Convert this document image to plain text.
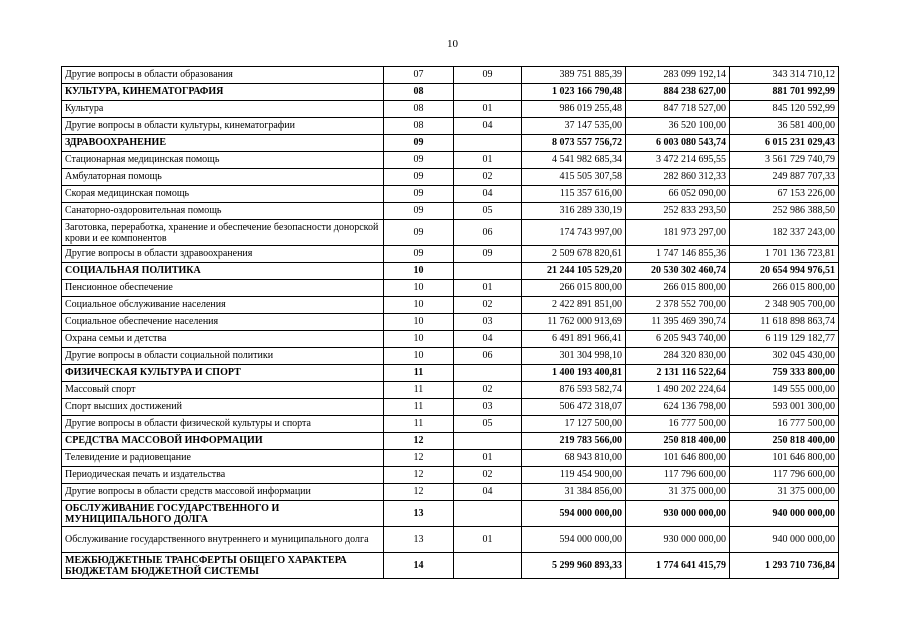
10
Другие вопросы в области образования	07	09	389 751 885,39	283 099 192,14	343 314 710,12
КУЛЬТУРА, КИНЕМАТОГРАФИЯ	08		1 023 166 790,48	884 238 627,00	881 701 992,99
Культура	08	01	986 019 255,48	847 718 527,00	845 120 592,99
Другие вопросы в области культуры, кинематографии	08	04	37 147 535,00	36 520 100,00	36 581 400,00
ЗДРАВООХРАНЕНИЕ	09		8 073 557 756,72	6 003 080 543,74	6 015 231 029,43
Стационарная медицинская помощь	09	01	4 541 982 685,34	3 472 214 695,55	3 561 729 740,79
Амбулаторная помощь	09	02	415 505 307,58	282 860 312,33	249 887 707,33
Скорая медицинская помощь	09	04	115 357 616,00	66 052 090,00	67 153 226,00
Санаторно-оздоровительная помощь	09	05	316 289 330,19	252 833 293,50	252 986 388,50
Заготовка, переработка, хранение и обеспечение безопасности донорской крови и ее компонентов	09	06	174 743 997,00	181 973 297,00	182 337 243,00
Другие вопросы в области здравоохранения	09	09	2 509 678 820,61	1 747 146 855,36	1 701 136 723,81
СОЦИАЛЬНАЯ ПОЛИТИКА	10		21 244 105 529,20	20 530 302 460,74	20 654 994 976,51
Пенсионное обеспечение	10	01	266 015 800,00	266 015 800,00	266 015 800,00
Социальное обслуживание населения	10	02	2 422 891 851,00	2 378 552 700,00	2 348 905 700,00
Социальное обеспечение населения	10	03	11 762 000 913,69	11 395 469 390,74	11 618 898 863,74
Охрана семьи и детства	10	04	6 491 891 966,41	6 205 943 740,00	6 119 129 182,77
Другие вопросы в области социальной политики	10	06	301 304 998,10	284 320 830,00	302 045 430,00
ФИЗИЧЕСКАЯ КУЛЬТУРА И СПОРТ	11		1 400 193 400,81	2 131 116 522,64	759 333 800,00
Массовый спорт	11	02	876 593 582,74	1 490 202 224,64	149 555 000,00
Спорт высших достижений	11	03	506 472 318,07	624 136 798,00	593 001 300,00
Другие вопросы в области физической культуры и спорта	11	05	17 127 500,00	16 777 500,00	16 777 500,00
СРЕДСТВА МАССОВОЙ ИНФОРМАЦИИ	12		219 783 566,00	250 818 400,00	250 818 400,00
Телевидение и радиовещание	12	01	68 943 810,00	101 646 800,00	101 646 800,00
Периодическая печать и издательства	12	02	119 454 900,00	117 796 600,00	117 796 600,00
Другие вопросы в области средств массовой информации	12	04	31 384 856,00	31 375 000,00	31 375 000,00
ОБСЛУЖИВАНИЕ ГОСУДАРСТВЕННОГО И МУНИЦИПАЛЬНОГО ДОЛГА	13		594 000 000,00	930 000 000,00	940 000 000,00
Обслуживание государственного внутреннего и муниципального долга	13	01	594 000 000,00	930 000 000,00	940 000 000,00
МЕЖБЮДЖЕТНЫЕ ТРАНСФЕРТЫ ОБЩЕГО ХАРАКТЕРА БЮДЖЕТАМ БЮДЖЕТНОЙ СИСТЕМЫ	14		5 299 960 893,33	1 774 641 415,79	1 293 710 736,84
